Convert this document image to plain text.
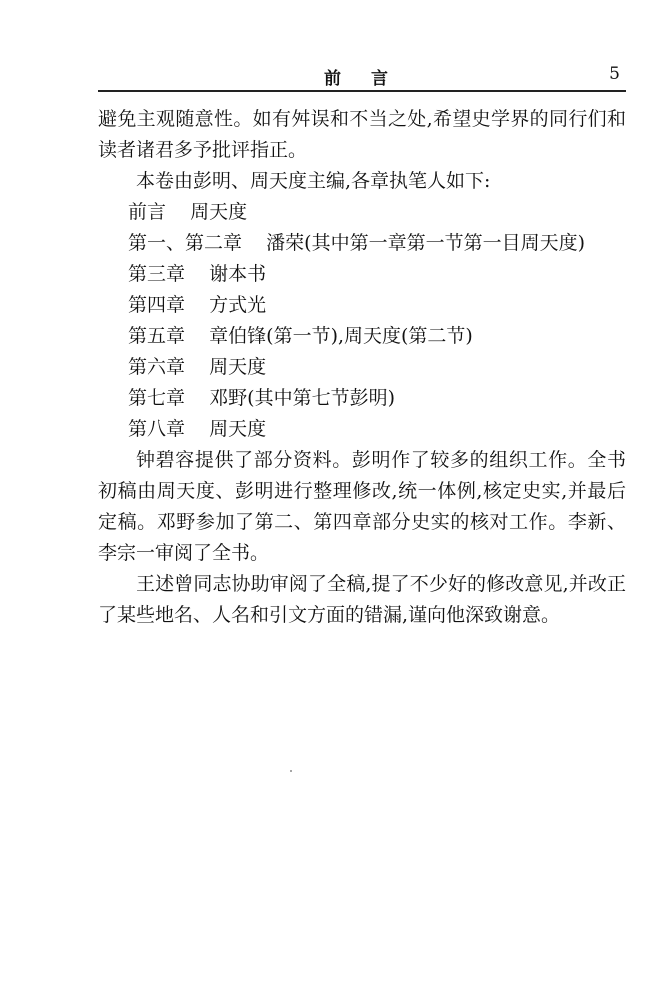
前 言	5

避免主观随意性。如有舛误和不当之处,希望史学界的同行们和读者诸君多予批评指正。

本卷由彭明、周天度主编,各章执笔人如下:

前言    周天度
第一、第二章    潘荣(其中第一章第一节第一目周天度)
第三章    谢本书
第四章    方式光
第五章    章伯锋(第一节),周天度(第二节)
第六章    周天度
第七章    邓野(其中第七节彭明)
第八章    周天度

钟碧容提供了部分资料。彭明作了较多的组织工作。全书初稿由周天度、彭明进行整理修改,统一体例,核定史实,并最后定稿。邓野参加了第二、第四章部分史实的核对工作。李新、李宗一审阅了全书。

王述曾同志协助审阅了全稿,提了不少好的修改意见,并改正了某些地名、人名和引文方面的错漏,谨向他深致谢意。
